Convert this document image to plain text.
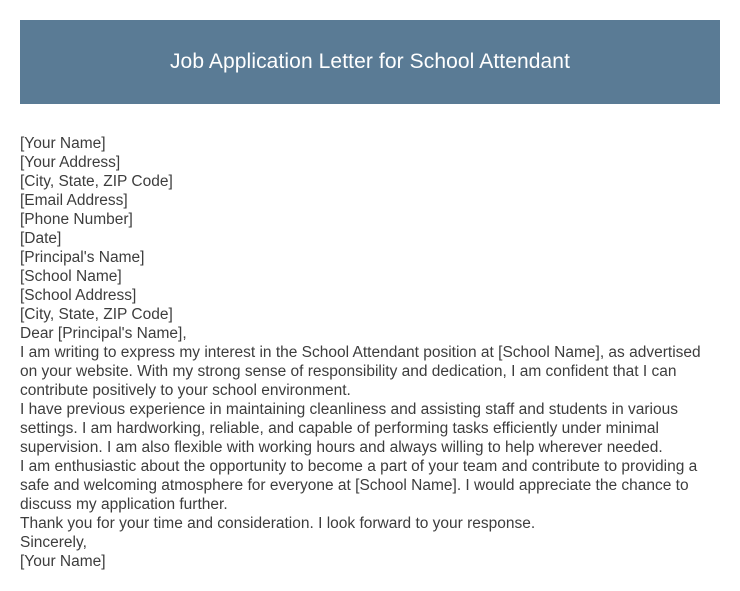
Job Application Letter for School Attendant
[Your Name]
[Your Address]
[City, State, ZIP Code]
[Email Address]
[Phone Number]
[Date]
[Principal's Name]
[School Name]
[School Address]
[City, State, ZIP Code]
Dear [Principal's Name],
I am writing to express my interest in the School Attendant position at [School Name], as advertised on your website. With my strong sense of responsibility and dedication, I am confident that I can contribute positively to your school environment.
I have previous experience in maintaining cleanliness and assisting staff and students in various settings. I am hardworking, reliable, and capable of performing tasks efficiently under minimal supervision. I am also flexible with working hours and always willing to help wherever needed.
I am enthusiastic about the opportunity to become a part of your team and contribute to providing a safe and welcoming atmosphere for everyone at [School Name]. I would appreciate the chance to discuss my application further.
Thank you for your time and consideration. I look forward to your response.
Sincerely,
[Your Name]
